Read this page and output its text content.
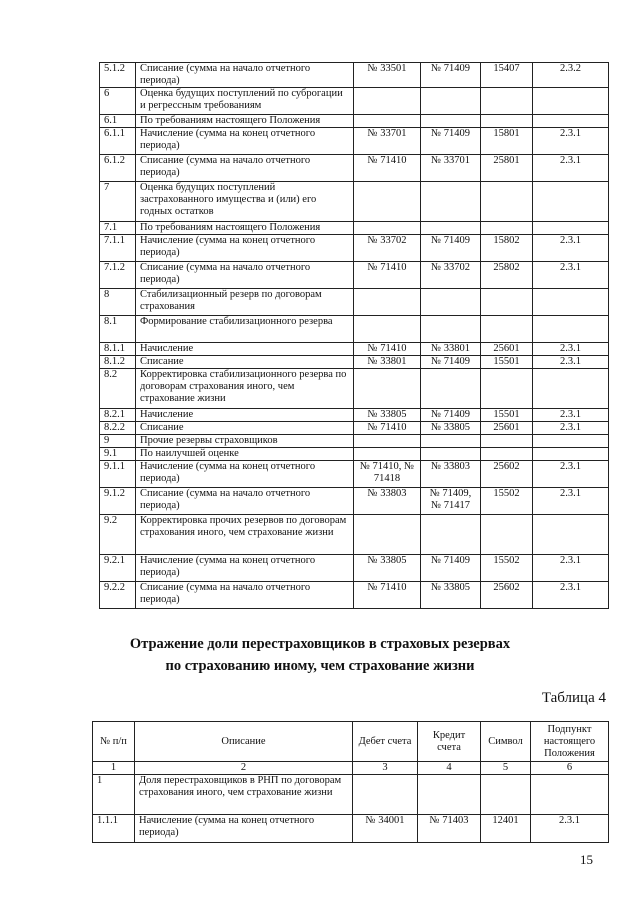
5.1.2	Списание (сумма на начало отчетного периода)	№ 33501	№ 71409	15407	2.3.2
6	Оценка будущих поступлений по суброгации и регрессным требованиям				
6.1	По требованиям настоящего Положения				
6.1.1	Начисление (сумма на конец отчетного периода)	№ 33701	№ 71409	15801	2.3.1
6.1.2	Списание (сумма на начало отчетного периода)	№ 71410	№ 33701	25801	2.3.1
7	Оценка будущих поступлений застрахованного имущества и (или) его годных остатков				
7.1	По требованиям настоящего Положения				
7.1.1	Начисление (сумма на конец отчетного периода)	№ 33702	№ 71409	15802	2.3.1
7.1.2	Списание (сумма на начало отчетного периода)	№ 71410	№ 33702	25802	2.3.1
8	Стабилизационный резерв по договорам страхования				
8.1	Формирование стабилизационного резерва				
8.1.1	Начисление	№ 71410	№ 33801	25601	2.3.1
8.1.2	Списание	№ 33801	№ 71409	15501	2.3.1
8.2	Корректировка стабилизационного резерва по договорам страхования иного, чем страхование жизни				
8.2.1	Начисление	№ 33805	№ 71409	15501	2.3.1
8.2.2	Списание	№ 71410	№ 33805	25601	2.3.1
9	Прочие резервы страховщиков				
9.1	По наилучшей оценке				
9.1.1	Начисление (сумма на конец отчетного периода)	№ 71410, № 71418	№ 33803	25602	2.3.1
9.1.2	Списание (сумма на начало отчетного периода)	№ 33803	№ 71409, № 71417	15502	2.3.1
9.2	Корректировка прочих резервов по договорам страхования иного, чем страхование жизни				
9.2.1	Начисление (сумма на конец отчетного периода)	№ 33805	№ 71409	15502	2.3.1
9.2.2	Списание (сумма на начало отчетного периода)	№ 71410	№ 33805	25602	2.3.1
Отражение доли перестраховщиков в страховых резервах
по страхованию иному, чем страхование жизни
Таблица 4
№ п/п	Описание	Дебет счета	Кредит счета	Символ	Подпункт настоящего Положения
1	2	3	4	5	6
1	Доля перестраховщиков в РНП по договорам страхования иного, чем страхование жизни				
1.1.1	Начисление (сумма на конец отчетного периода)	№ 34001	№ 71403	12401	2.3.1
15
